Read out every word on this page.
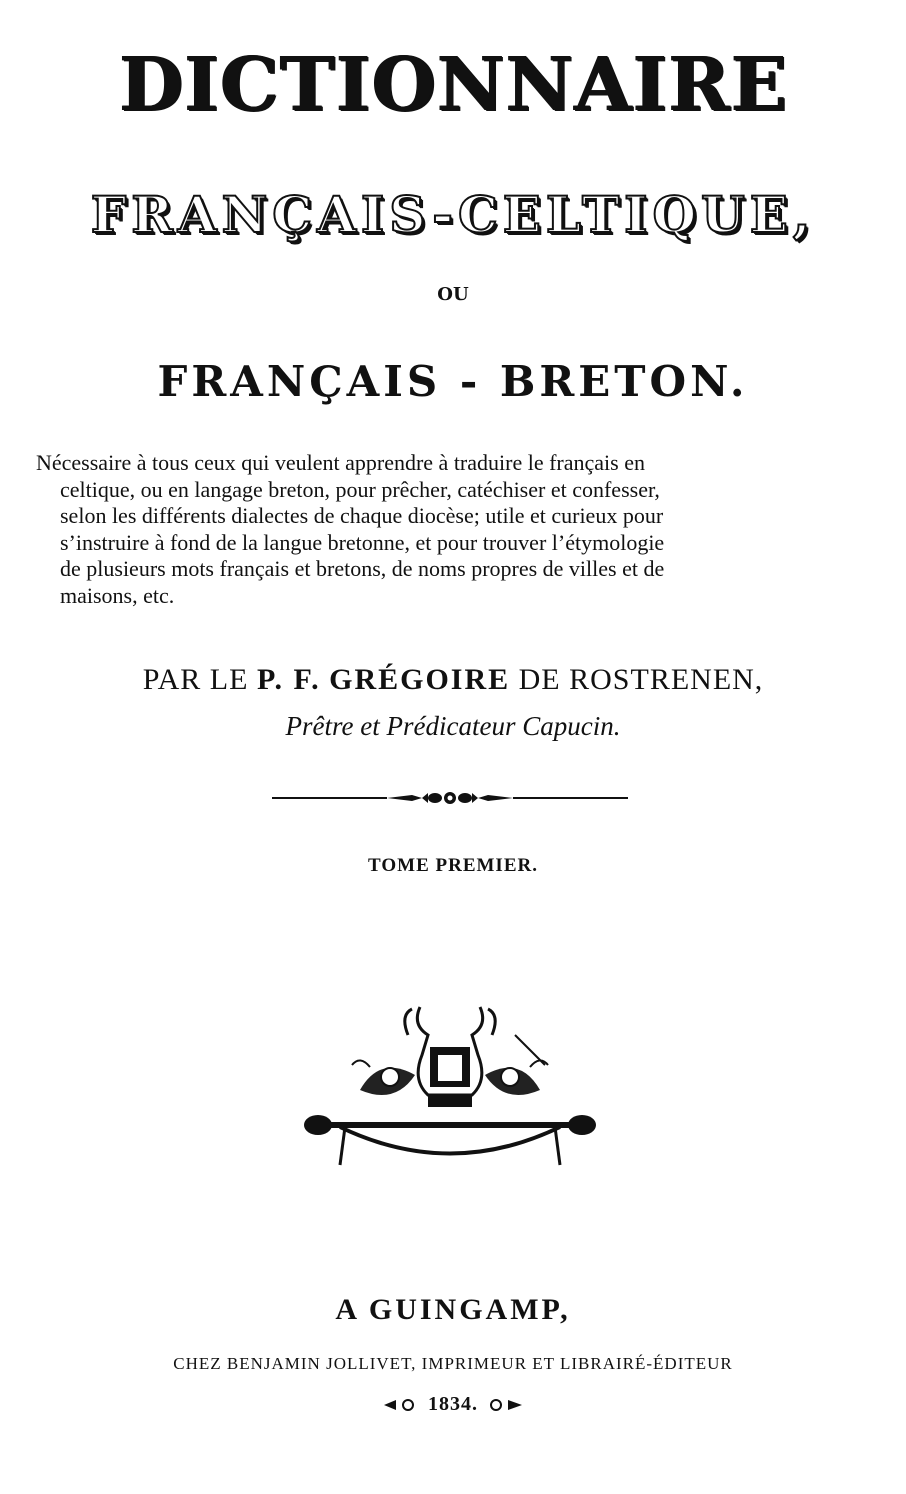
DICTIONNAIRE
FRANÇAIS-CELTIQUE,
OU
FRANÇAIS - BRETON.
Nécessaire à tous ceux qui veulent apprendre à traduire le français en
celtique, ou en langage breton, pour prêcher, catéchiser et confesser,
selon les différents dialectes de chaque diocèse; utile et curieux pour
s’instruire à fond de la langue bretonne, et pour trouver l’étymologie
de plusieurs mots français et bretons, de noms propres de villes et de
maisons, etc.
PAR LE P. F. GRÉGOIRE DE ROSTRENEN,
Prêtre et Prédicateur Capucin.
TOME PREMIER.
A GUINGAMP,
CHEZ BENJAMIN JOLLIVET, IMPRIMEUR ET LIBRAIRÉ-ÉDITEUR
1834.
